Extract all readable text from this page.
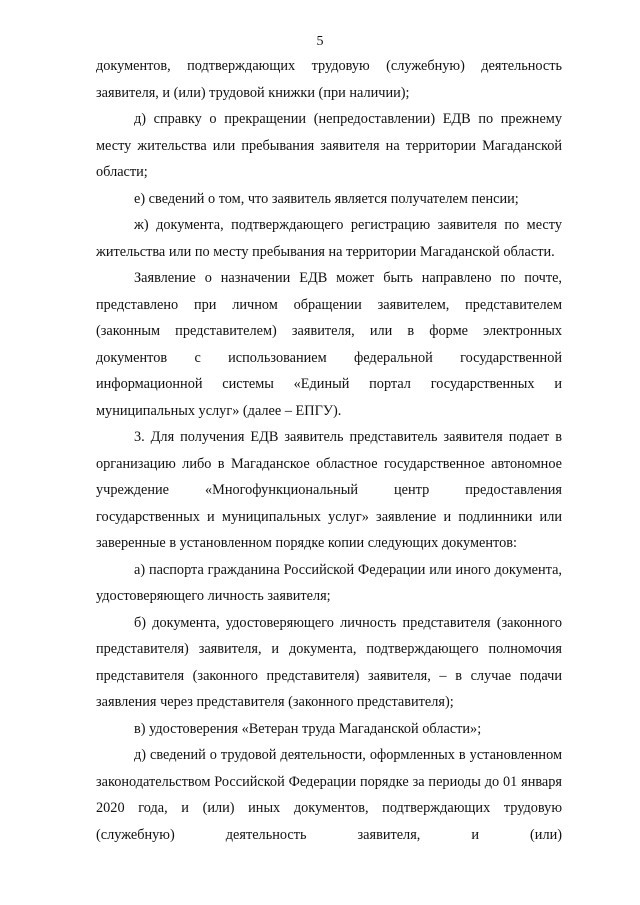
5

документов, подтверждающих трудовую (служебную) деятельность заявителя, и (или) трудовой книжки (при наличии);

д) справку о прекращении (непредоставлении) ЕДВ по прежнему месту жительства или пребывания заявителя на территории Магаданской области;

е) сведений о том, что заявитель является получателем пенсии;

ж) документа, подтверждающего регистрацию заявителя по месту жительства или по месту пребывания на территории Магаданской области.

Заявление о назначении ЕДВ может быть направлено по почте, представлено при личном обращении заявителем, представителем (законным представителем) заявителя, или в форме электронных документов с использованием федеральной государственной информационной системы «Единый портал государственных и муниципальных услуг» (далее – ЕПГУ).

3. Для получения ЕДВ заявитель представитель заявителя подает в организацию либо в Магаданское областное государственное автономное учреждение «Многофункциональный центр предоставления государственных и муниципальных услуг» заявление и подлинники или заверенные в установленном порядке копии следующих документов:

а) паспорта гражданина Российской Федерации или иного документа, удостоверяющего личность заявителя;

б) документа, удостоверяющего личность представителя (законного представителя) заявителя, и документа, подтверждающего полномочия представителя (законного представителя) заявителя, – в случае подачи заявления через представителя (законного представителя);

в) удостоверения «Ветеран труда Магаданской области»;

д) сведений о трудовой деятельности, оформленных в установленном законодательством Российской Федерации порядке за периоды до 01 января 2020 года, и (или) иных документов, подтверждающих трудовую (служебную) деятельность заявителя, и (или)
